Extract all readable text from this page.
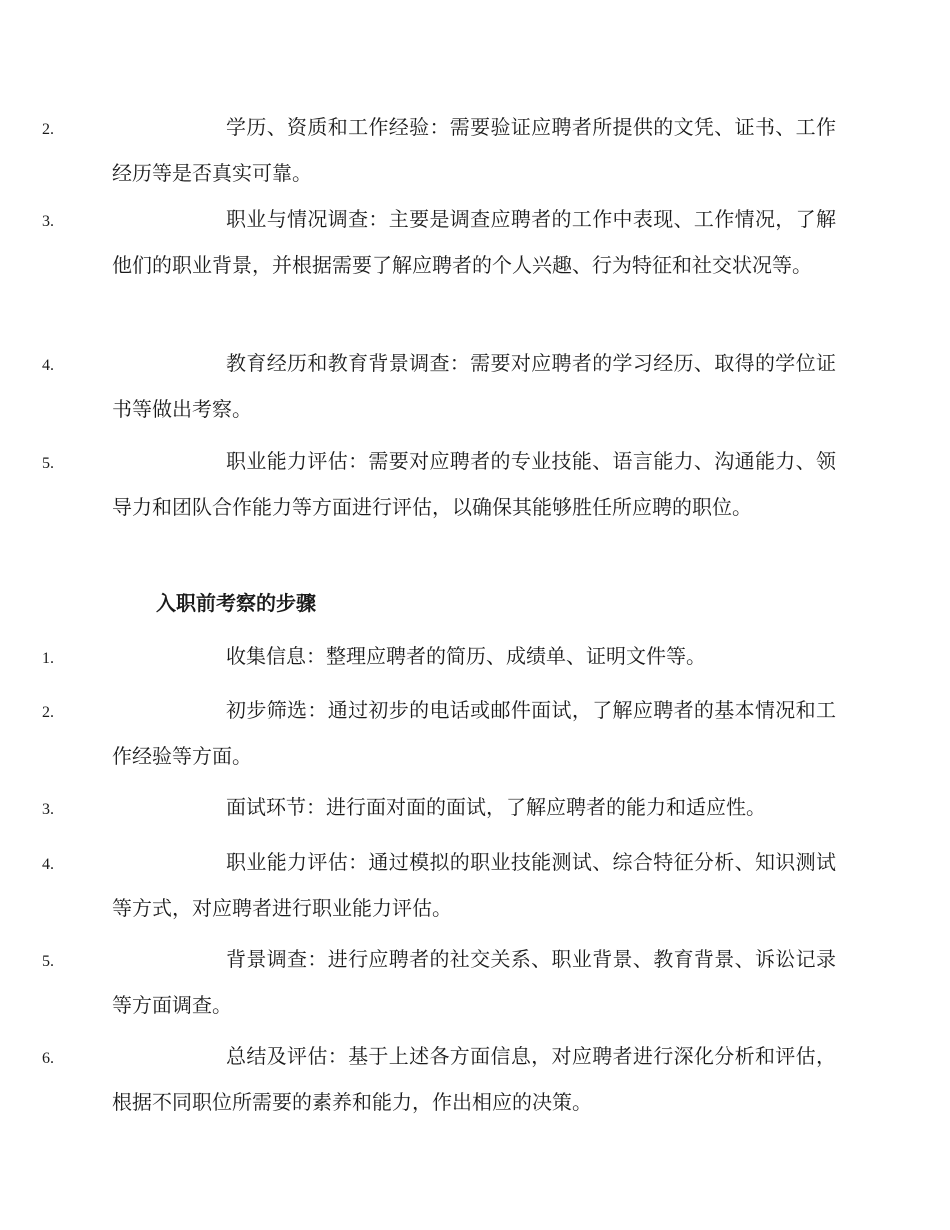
2.	学历、资质和工作经验：需要验证应聘者所提供的文凭、证书、工作经历等是否真实可靠。

3.	职业与情况调查：主要是调查应聘者的工作中表现、工作情况，了解他们的职业背景，并根据需要了解应聘者的个人兴趣、行为特征和社交状况等。

4.	教育经历和教育背景调查：需要对应聘者的学习经历、取得的学位证书等做出考察。

5.	职业能力评估：需要对应聘者的专业技能、语言能力、沟通能力、领导力和团队合作能力等方面进行评估，以确保其能够胜任所应聘的职位。

入职前考察的步骤

1.	收集信息：整理应聘者的简历、成绩单、证明文件等。

2.	初步筛选：通过初步的电话或邮件面试，了解应聘者的基本情况和工作经验等方面。

3.	面试环节：进行面对面的面试，了解应聘者的能力和适应性。

4.	职业能力评估：通过模拟的职业技能测试、综合特征分析、知识测试等方式，对应聘者进行职业能力评估。

5.	背景调查：进行应聘者的社交关系、职业背景、教育背景、诉讼记录等方面调查。

6.	总结及评估：基于上述各方面信息，对应聘者进行深化分析和评估，根据不同职位所需要的素养和能力，作出相应的决策。
